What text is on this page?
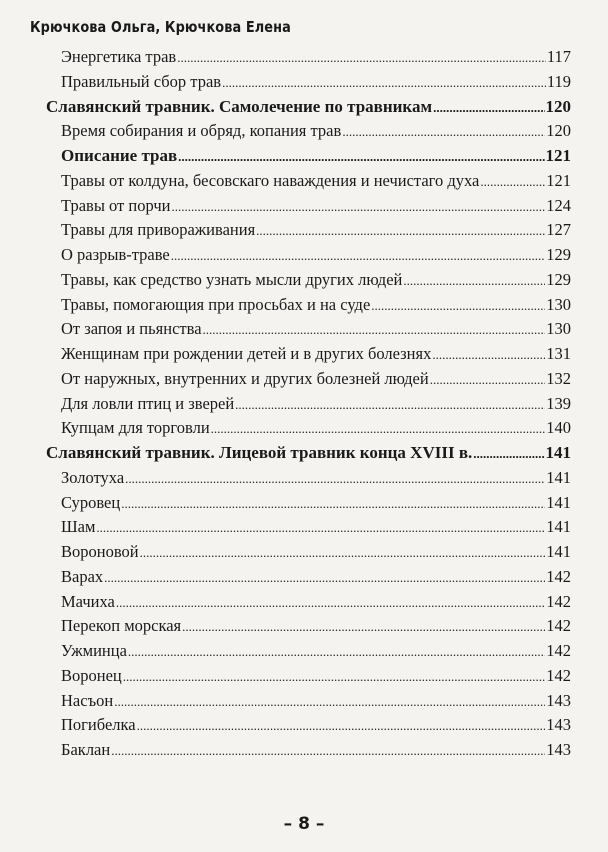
Крючкова Ольга, Крючкова Елена
Энергетика трав .....	117
Правильный сбор трав .....	119
Славянский травник. Самолечение по травникам .....	120
Время собирания и обряд, копания трав .....	120
Описание трав .....	121
Травы от колдуна, бесовскаго наваждения и нечистаго духа .....	121
Травы от порчи .....	124
Травы для привораживания .....	127
О разрыв-траве .....	129
Травы, как средство узнать мысли других людей .....	129
Травы, помогающия при просьбах и на суде .....	130
От запоя и пьянства .....	130
Женщинам при рождении детей и в других болезнях .....	131
От наружных, внутренних и других болезней людей .....	132
Для ловли птиц и зверей .....	139
Купцам для торговли .....	140
Славянский травник. Лицевой травник конца XVIII в. .....	141
Золотуха .....	141
Суровец .....	141
Шам .....	141
Вороновой .....	141
Варах .....	142
Мачиха .....	142
Перекоп морская .....	142
Ужминца .....	142
Воронец .....	142
Насъон .....	143
Погибелка .....	143
Баклан .....	143
– 8 –
